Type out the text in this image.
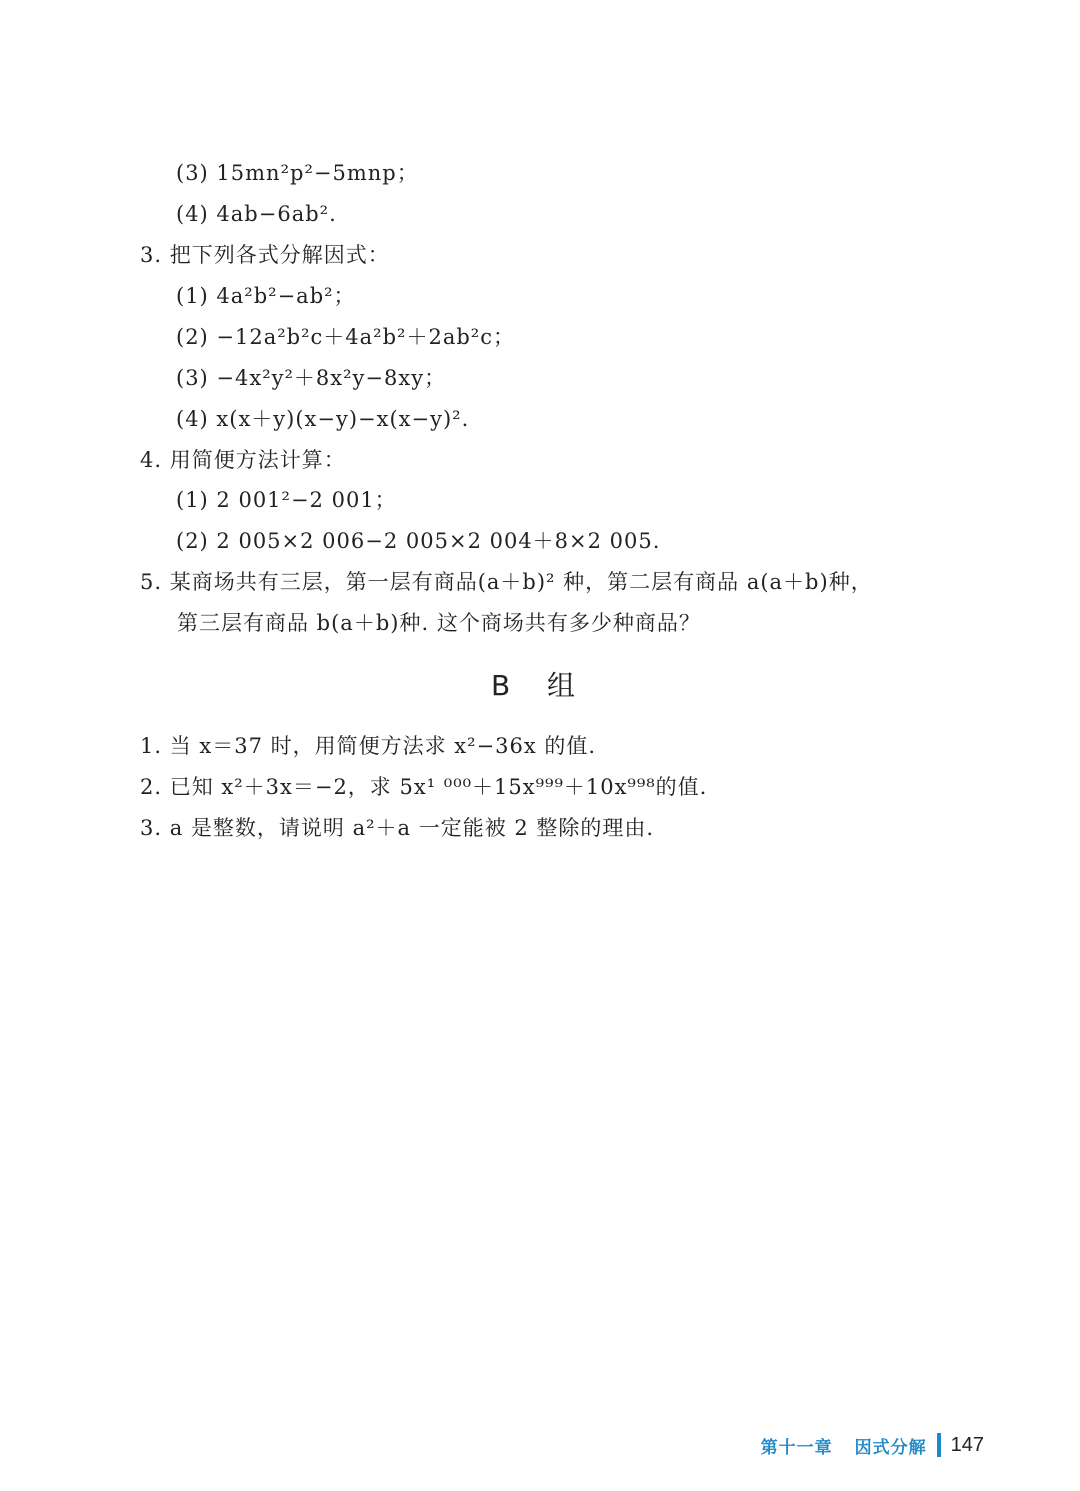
(3) 15mn²p²−5mnp；
(4) 4ab−6ab².
3. 把下列各式分解因式：
(1) 4a²b²−ab²；
(2) −12a²b²c＋4a²b²＋2ab²c；
(3) −4x²y²＋8x²y−8xy；
(4) x(x＋y)(x−y)−x(x−y)².
4. 用简便方法计算：
(1) 2 001²−2 001；
(2) 2 005×2 006−2 005×2 004＋8×2 005.
5. 某商场共有三层，第一层有商品(a＋b)² 种，第二层有商品 a(a＋b)种，
第三层有商品 b(a＋b)种. 这个商场共有多少种商品？
B 组
1. 当 x＝37 时，用简便方法求 x²−36x 的值.
2. 已知 x²＋3x＝−2，求 5x¹ ⁰⁰⁰＋15x⁹⁹⁹＋10x⁹⁹⁸的值.
3. a 是整数，请说明 a²＋a 一定能被 2 整除的理由.
第十一章 因式分解 147
